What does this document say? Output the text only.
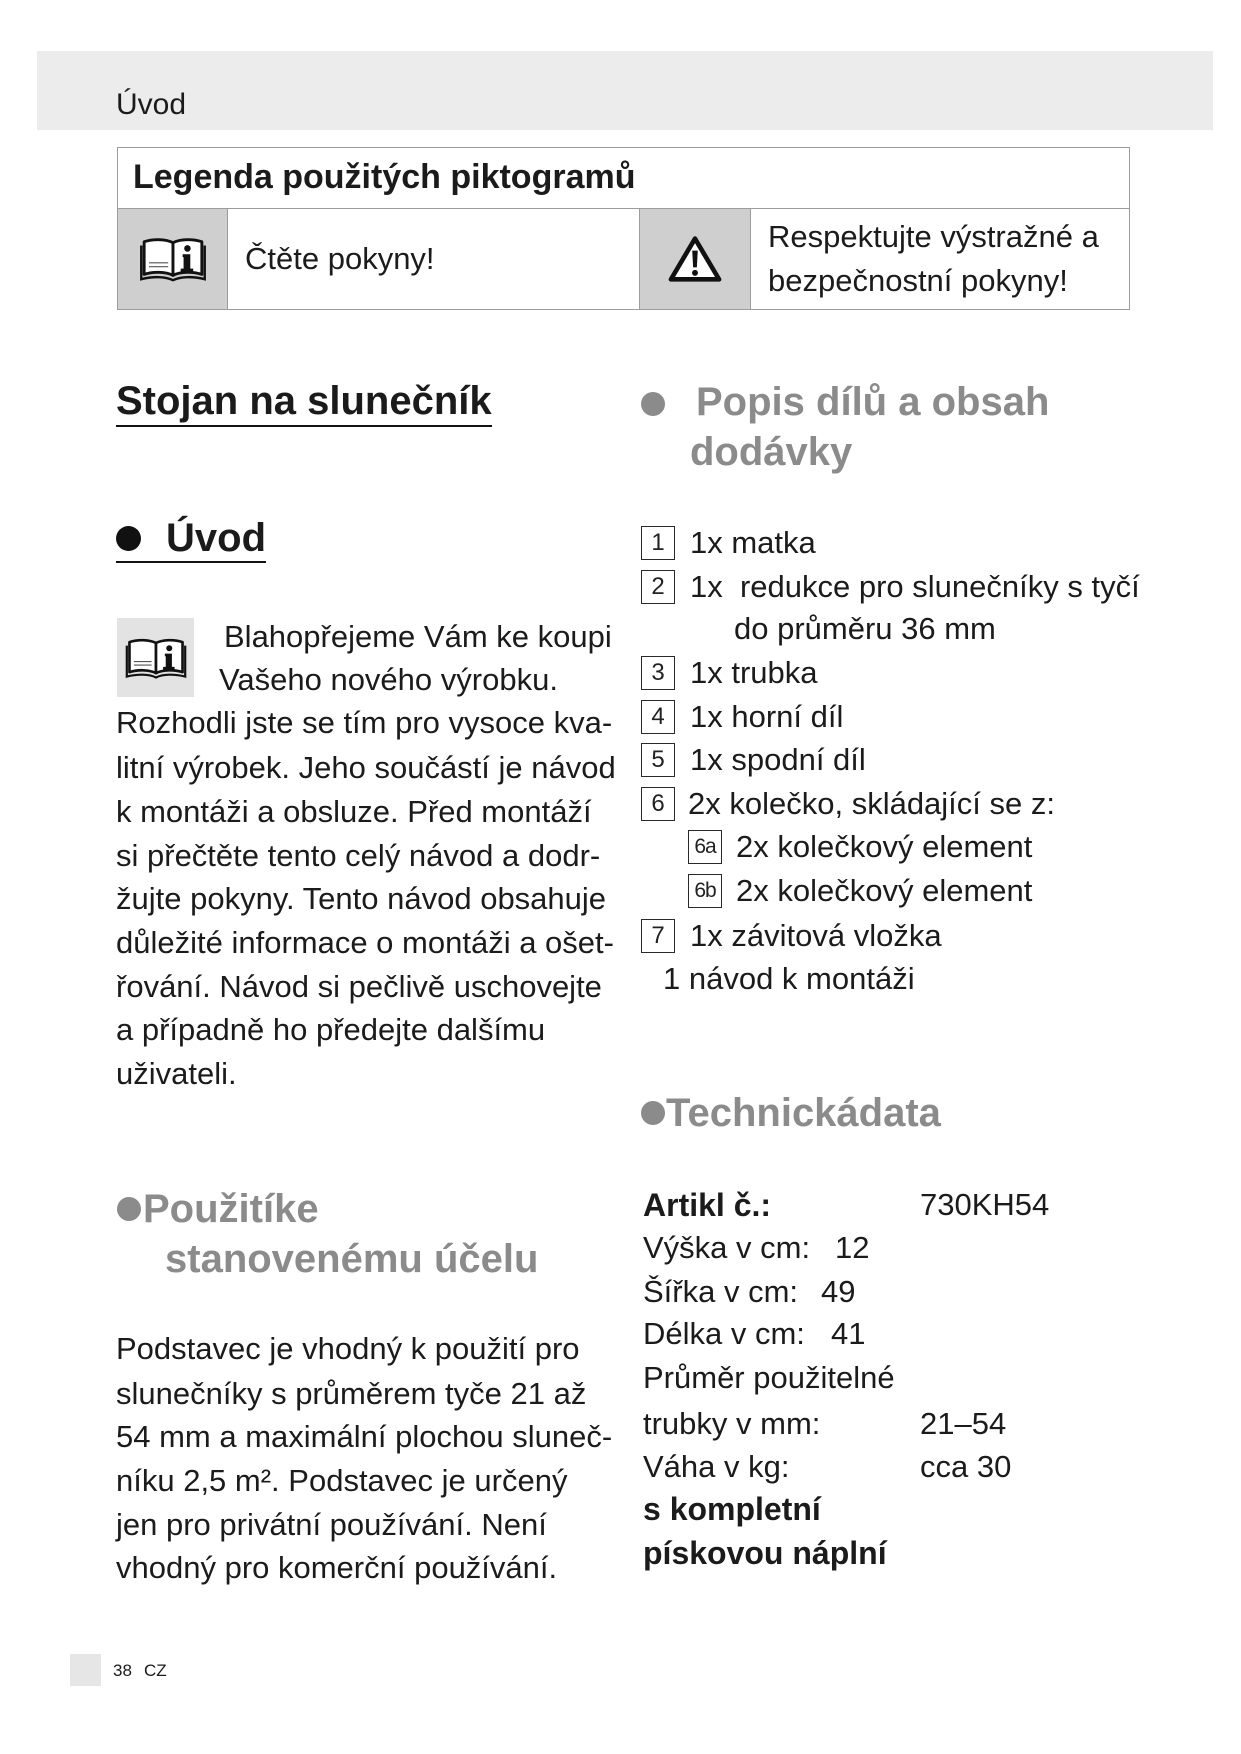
Úvod
Legenda použitých piktogramů
Čtěte pokyny!
Respektujte výstražné a
bezpečnostní pokyny!
Stojan na slunečník
Úvod
Blahopřejeme Vám ke koupi
Vašeho nového výrobku.
Rozhodli jste se tím pro vysoce kva-
litní výrobek. Jeho součástí je návod
k montáži a obsluze. Před montáží
si přečtěte tento celý návod a dodr-
žujte pokyny. Tento návod obsahuje
důležité informace o montáži a ošet-
řování. Návod si pečlivě uschovejte
a případně ho předejte dalšímu
uživateli.
Použitíke
stanovenému účelu
Podstavec je vhodný k použití pro
slunečníky s průměrem tyče 21 až
54 mm a maximální plochou sluneč-
níku 2,5 m². Podstavec je určený
jen pro privátní používání. Není
vhodný pro komerční používání.
Popis dílů a obsah
dodávky
1 1x matka
2 1x  redukce pro slunečníky s tyčí
do průměru 36 mm
3 1x trubka
4 1x horní díl
5 1x spodní díl
6 2x kolečko, skládající se z:
6a 2x kolečkový element
6b 2x kolečkový element
7 1x závitová vložka
1 návod k montáži
Technickádata
Artikl č.:	730KH54
Výška v cm: 12
Šířka v cm: 49
Délka v cm: 41
Průměr použitelné
trubky v mm:	21–54
Váha v kg:	cca 30
s kompletní
pískovou náplní
38 CZ
